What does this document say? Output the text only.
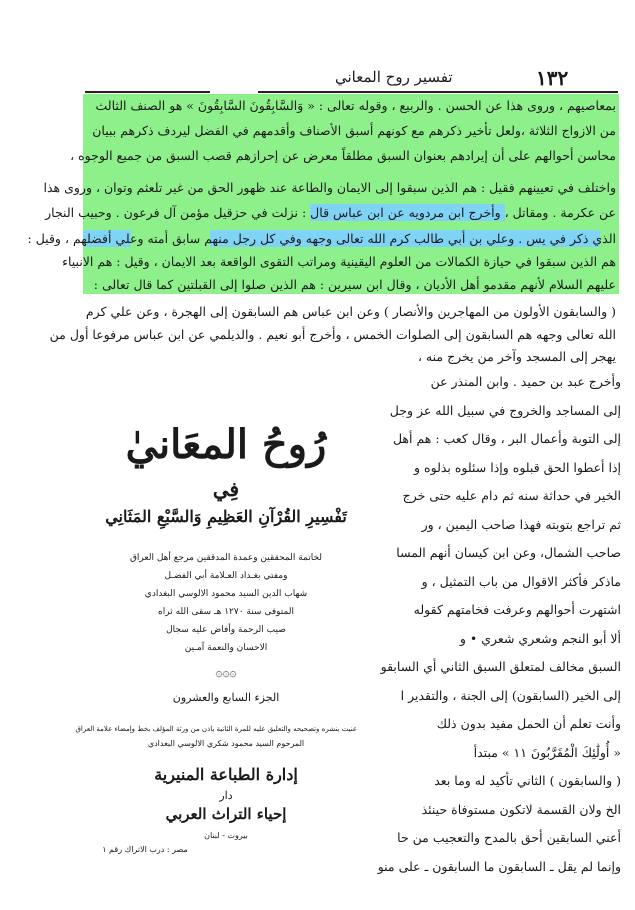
١٣٢
تفسير روح المعاني
بمعاصيهم ، وروى هذا عن الحسن . والربيع ، وقوله تعالى : « وَالسَّابِقُونَ السَّابِقُونَ » هو الصنف الثالث
من الازواج الثلاثة ،ولعل تأخير ذكرهم مع كونهم أسبق الأصناف وأقدمهم في الفضل ليردف ذكرهم ببيان
محاسن أحوالهم على أن إيرادهم بعنوان السبق مطلقاً معرض عن إحرازهم قصب السبق من جميع الوجوه ،
واختلف في تعيينهم فقيل : هم الذين سبقوا إلى الايمان والطاعة عند ظهور الحق من غير تلعثم وتوان ، وروى هذا
عن عكرمة . ومقاتل ، وأخرج ابن مردويه عن ابن عباس قال : نزلت في حزقيل مؤمن آل فرعون . وحبيب النجار
الذي ذكر في يس . وعلي بن أبي طالب كرم الله تعالى وجهه وفي كل رجل منهم سابق أمته وعلي أفضلهم ، وقيل :
هم الذين سبقوا في حيازة الكمالات من العلوم اليقينية ومراتب التقوى الواقعة بعد الايمان ، وقيل : هم الانبياء
عليهم السلام لأنهم مقدمو أهل الأديان ، وقال ابن سيرين : هم الذين صلوا إلى القبلتين كما قال تعالى :
( والسابقون الأولون من المهاجرين والأنصار ) وعن ابن عباس هم السابقون إلى الهجرة ، وعن علي كرم
الله تعالى وجهه هم السابقون إلى الصلوات الخمس ، وأخرج أبو نعيم . والديلمي عن ابن عباس مرفوعا أول من
يهجر إلى المسجد وآخر من يخرج منه ،
رُوحُ المعَانيٰ
فِي
تَفْسِيرِ القُرْآنِ العَظِيمِ وَالسَّبْعِ المَثَانِي
لخاتمة المحققين وعمدة المدققين مرجع أهل العراق
ومفتي بغـداد العـلامة أبي الفضـل
شهاب الدين السيد محمود الالوسي البغدادي
المتوفى سنة ١٢٧٠ هـ سقى الله ثراه
صيب الرحمة وأفاض عليه سجال
الاحسان والنعمة آمـين
۞۞۞
الجزء السابع والعشرون
عنيت بنشره وتصحيحه والتعليق عليه للمرة الثانية باذن من ورثة المؤلف بخط وإمضاء علامة العراق
المرحوم السيد محمود شكري الالوسي البغدادي
إدارة الطباعة المنيرية
دار
إحياء التراث العربي
بيروت - لبنان
مصر : درب الاتراك رقم ١
وأخرج عبد بن حميد . وابن المنذر عن
إلى المساجد والخروج في سبيل الله عز وجل
إلى التوبة وأعمال البر ، وقال كعب : هم أهل
إذا أعطوا الحق قبلوه وإذا سئلوه بذلوه و
الخير في حداثة سنه ثم دام عليه حتى خرج
ثم تراجع بتوبته فهذا صاحب اليمين ، ور
صاحب الشمال، وعن ابن كيسان أنهم المسا
ماذكر فأكثر الاقوال من باب التمثيل ، و
اشتهرت أحوالهم وعرفت فخامتهم كقوله
ألا أبو النجم وشعري شعري • و
السبق مخالف لمتعلق السبق الثاني أي السابقو
إلى الخير (السابقون) إلى الجنة ، والتقدير ا
وأنت تعلم أن الحمل مفيد بدون ذلك
« أُولَٰئِكَ الْمُقَرَّبُونَ ١١ » مبتدأ
( والسابقون ) الثاني تأكيد له وما بعد
الخ ولان القسمة لاتكون مستوفاة حينئذ
أعني السابقين أحق بالمدح والتعجيب من حا
وإنما لم يقل ـ السابقون ما السابقون ـ على منو
